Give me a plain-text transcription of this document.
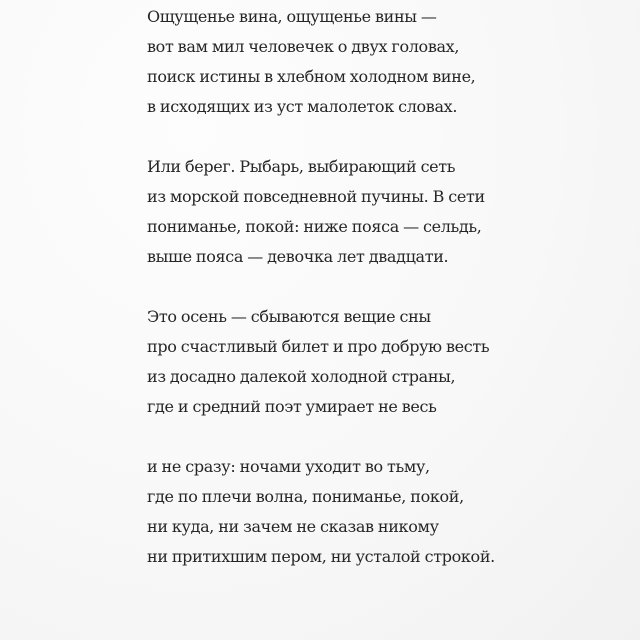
Ощущенье вина, ощущенье вины —
вот вам мил человечек о двух головах,
поиск истины в хлебном холодном вине,
в исходящих из уст малолеток словах.
Или берег. Рыбарь, выбирающий сеть
из морской повседневной пучины. В сети
пониманье, покой: ниже пояса — сельдь,
выше пояса — девочка лет двадцати.
Это осень — сбываются вещие сны
про счастливый билет и про добрую весть
из досадно далекой холодной страны,
где и средний поэт умирает не весь
и не сразу: ночами уходит во тьму,
где по плечи волна, пониманье, покой,
ни куда, ни зачем не сказав никому
ни притихшим пером, ни усталой строкой.
